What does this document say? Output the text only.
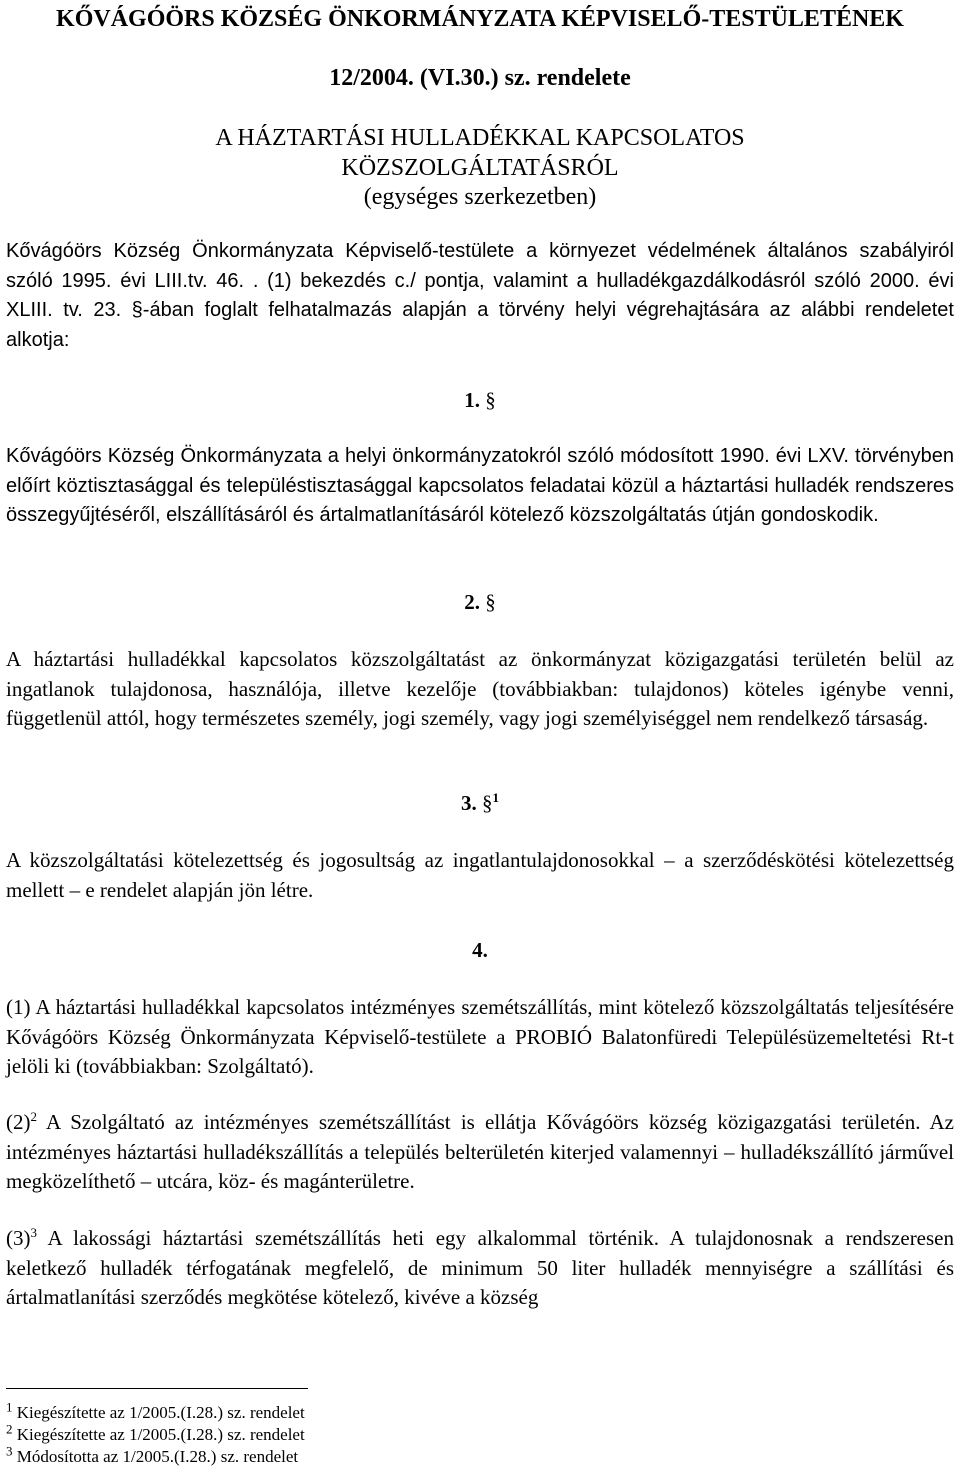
KŐVÁGÓÖRS KÖZSÉG ÖNKORMÁNYZATA KÉPVISELŐ-TESTÜLETÉNEK

12/2004. (VI.30.) sz. rendelete

A HÁZTARTÁSI HULLADÉKKAL KAPCSOLATOS

KÖZSZOLGÁLTATÁSRÓL

(egységes szerkezetben)

Kővágóörs Község Önkormányzata Képviselő-testülete a környezet védelmének általános szabályiról szóló 1995. évi LIII.tv. 46. . (1) bekezdés c./ pontja, valamint a hulladékgazdálkodásról szóló 2000. évi XLIII. tv. 23. §-ában foglalt felhatalmazás alapján a törvény helyi végrehajtására az alábbi rendeletet alkotja:

1. §

Kővágóörs Község Önkormányzata a helyi önkormányzatokról szóló módosított 1990. évi LXV. törvényben előírt köztisztasággal és településtisztasággal kapcsolatos feladatai közül a háztartási hulladék rendszeres összegyűjtéséről, elszállításáról és ártalmatlanításáról kötelező közszolgáltatás útján gondoskodik.

2. §

A háztartási hulladékkal kapcsolatos közszolgáltatást az önkormányzat közigazgatási területén belül az ingatlanok tulajdonosa, használója, illetve kezelője (továbbiakban: tulajdonos) köteles igénybe venni, függetlenül attól, hogy természetes személy, jogi személy, vagy jogi személyiséggel nem rendelkező társaság.

3. §$^1$

A közszolgáltatási kötelezettség és jogosultság az ingatlantulajdonosokkal – a szerződéskötési kötelezettség mellett – e rendelet alapján jön létre.

4.

(1) A háztartási hulladékkal kapcsolatos intézményes szemétszállítás, mint kötelező közszolgáltatás teljesítésére Kővágóörs Község Önkormányzata Képviselő-testülete a PROBIÓ Balatonfüredi Településüzemeltetési Rt-t jelöli ki (továbbiakban: Szolgáltató).

$(2)^2$ A Szolgáltató az intézményes szemétszállítást is ellátja Kővágóörs község közigazgatási területén. Az intézményes háztartási hulladékszállítás a település belterületén kiterjed valamennyi – hulladékszállító járművel megközelíthető – utcára, köz- és magánterületre.

$(3)^3$ A lakossági háztartási szemétszállítás heti egy alkalommal történik. A tulajdonosnak a rendszeresen keletkező hulladék térfogatának megfelelő, de minimum 50 liter hulladék mennyiségre a szállítási és ártalmatlanítási szerződés megkötése kötelező, kivéve a község

$^1$ Kiegészítette az 1/2005.(I.28.) sz. rendelet

$^2$ Kiegészítette az 1/2005.(I.28.) sz. rendelet

$^3$ Módosította az 1/2005.(I.28.) sz. rendelet
